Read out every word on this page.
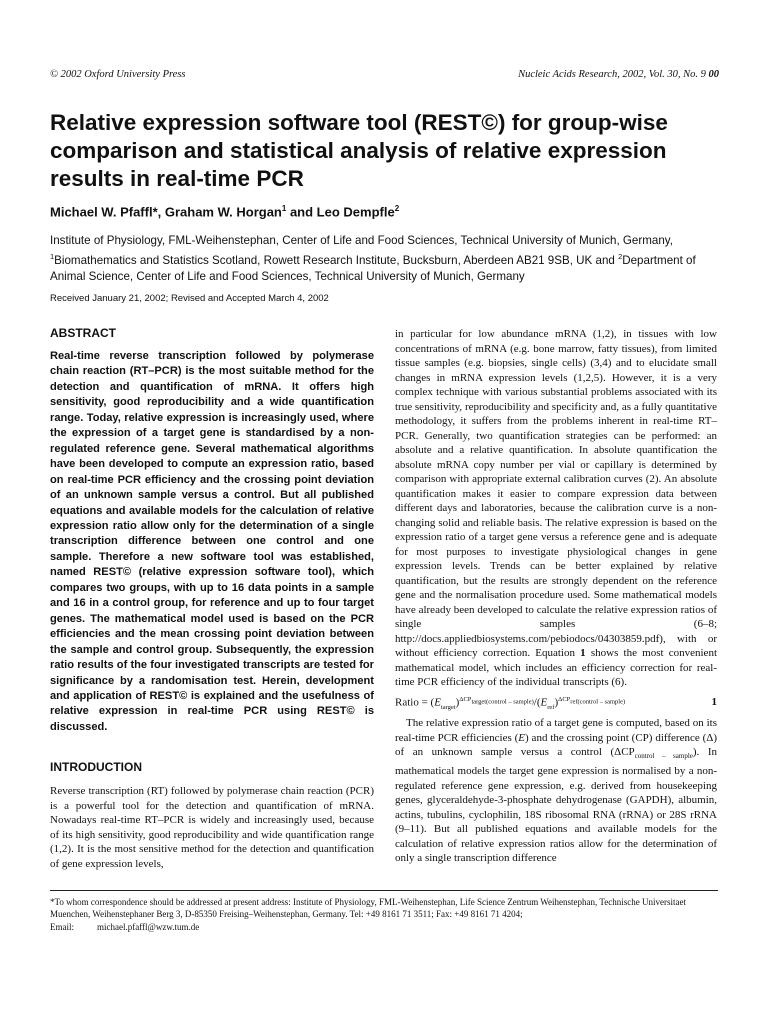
© 2002 Oxford University Press	Nucleic Acids Research, 2002, Vol. 30, No. 9 00
Relative expression software tool (REST©) for group-wise comparison and statistical analysis of relative expression results in real-time PCR
Michael W. Pfaffl*, Graham W. Horgan$^1$ and Leo Dempfle$^2$
Institute of Physiology, FML-Weihenstephan, Center of Life and Food Sciences, Technical University of Munich, Germany, $^1$Biomathematics and Statistics Scotland, Rowett Research Institute, Bucksburn, Aberdeen AB21 9SB, UK and $^2$Department of Animal Science, Center of Life and Food Sciences, Technical University of Munich, Germany
Received January 21, 2002; Revised and Accepted March 4, 2002
ABSTRACT

Real-time reverse transcription followed by polymerase chain reaction (RT–PCR) is the most suitable method for the detection and quantification of mRNA. It offers high sensitivity, good reproducibility and a wide quantification range. Today, relative expression is increasingly used, where the expression of a target gene is standardised by a non-regulated reference gene. Several mathematical algorithms have been developed to compute an expression ratio, based on real-time PCR efficiency and the crossing point deviation of an unknown sample versus a control. But all published equations and available models for the calculation of relative expression ratio allow only for the determination of a single transcription difference between one control and one sample. Therefore a new software tool was established, named REST© (relative expression software tool), which compares two groups, with up to 16 data points in a sample and 16 in a control group, for reference and up to four target genes. The mathematical model used is based on the PCR efficiencies and the mean crossing point deviation between the sample and control group. Subsequently, the expression ratio results of the four investigated transcripts are tested for significance by a randomisation test. Herein, development and application of REST© is explained and the usefulness of relative expression in real-time PCR using REST© is discussed.

INTRODUCTION

Reverse transcription (RT) followed by polymerase chain reaction (PCR) is a powerful tool for the detection and quantification of mRNA. Nowadays real-time RT–PCR is widely and increasingly used, because of its high sensitivity, good reproducibility and wide quantification range (1,2). It is the most sensitive method for the detection and quantification of gene expression levels,

in particular for low abundance mRNA (1,2), in tissues with low concentrations of mRNA (e.g. bone marrow, fatty tissues), from limited tissue samples (e.g. biopsies, single cells) (3,4) and to elucidate small changes in mRNA expression levels (1,2,5). However, it is a very complex technique with various substantial problems associated with its true sensitivity, reproducibility and specificity and, as a fully quantitative methodology, it suffers from the problems inherent in real-time RT–PCR. Generally, two quantification strategies can be performed: an absolute and a relative quantification. In absolute quantification the absolute mRNA copy number per vial or capillary is determined by comparison with appropriate external calibration curves (2). An absolute quantification makes it easier to compare expression data between different days and laboratories, because the calibration curve is a non-changing solid and reliable basis. The relative expression is based on the expression ratio of a target gene versus a reference gene and is adequate for most purposes to investigate physiological changes in gene expression levels. Trends can be better explained by relative quantification, but the results are strongly dependent on the reference gene and the normalisation procedure used. Some mathematical models have already been developed to calculate the relative expression ratios of single samples (6–8; http://docs.appliedbiosystems.com/pebiodocs/04303859.pdf), with or without efficiency correction. Equation 1 shows the most convenient mathematical model, which includes an efficiency correction for real-time PCR efficiency of the individual transcripts (6).

Ratio = $(E_{target})^{\Delta CP_{target(control - sample)}}/(E_{ref})^{\Delta CP_{ref(control - sample)}}$	1

The relative expression ratio of a target gene is computed, based on its real-time PCR efficiencies (E) and the crossing point (CP) difference (Δ) of an unknown sample versus a control $(\Delta CP_{control - sample})$. In mathematical models the target gene expression is normalised by a non-regulated reference gene expression, e.g. derived from housekeeping genes, glyceraldehyde-3-phosphate dehydrogenase (GAPDH), albumin, actins, tubulins, cyclophilin, 18S ribosomal RNA (rRNA) or 28S rRNA (9–11). But all published equations and available models for the calculation of relative expression ratios allow for the determination of only a single transcription difference

*To whom correspondence should be addressed at present address: Institute of Physiology, FML-Weihenstephan, Life Science Zentrum Weihenstephan, Technische Universitaet Muenchen, Weihenstephaner Berg 3, D-85350 Freising–Weihenstephan, Germany. Tel: +49 8161 71 3511; Fax: +49 8161 71 4204;
Email:	michael.pfaffl@wzw.tum.de
